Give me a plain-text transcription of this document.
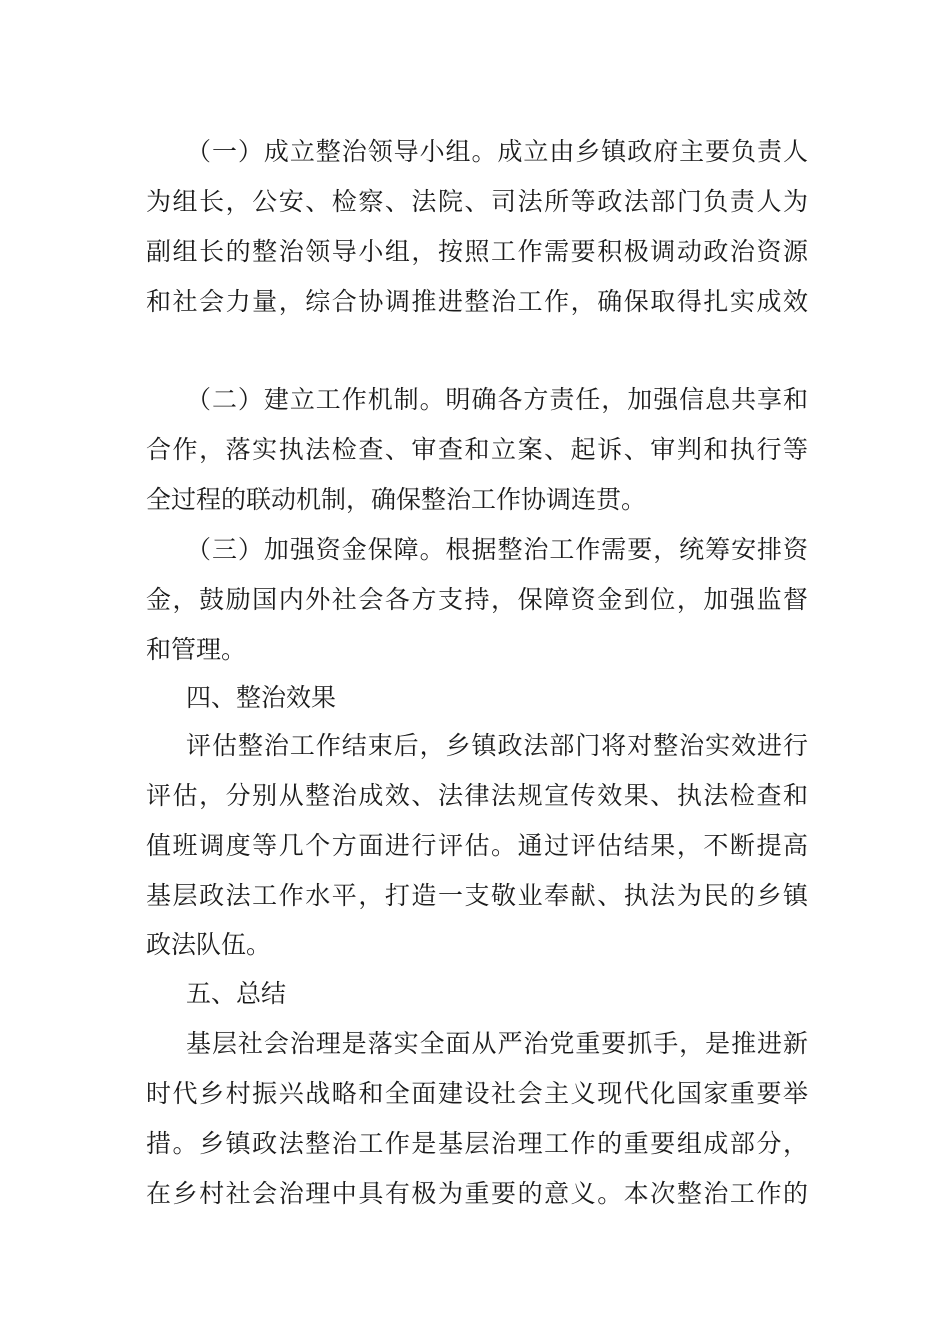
（一）成立整治领导小组。成立由乡镇政府主要负责人
为组长，公安、检察、法院、司法所等政法部门负责人为
副组长的整治领导小组，按照工作需要积极调动政治资源
和社会力量，综合协调推进整治工作，确保取得扎实成效
（二）建立工作机制。明确各方责任，加强信息共享和
合作，落实执法检查、审查和立案、起诉、审判和执行等
全过程的联动机制，确保整治工作协调连贯。
（三）加强资金保障。根据整治工作需要，统筹安排资
金，鼓励国内外社会各方支持，保障资金到位，加强监督
和管理。
四、整治效果
评估整治工作结束后，乡镇政法部门将对整治实效进行
评估，分别从整治成效、法律法规宣传效果、执法检查和
值班调度等几个方面进行评估。通过评估结果，不断提高
基层政法工作水平，打造一支敬业奉献、执法为民的乡镇
政法队伍。
五、总结
基层社会治理是落实全面从严治党重要抓手，是推进新
时代乡村振兴战略和全面建设社会主义现代化国家重要举
措。乡镇政法整治工作是基层治理工作的重要组成部分，
在乡村社会治理中具有极为重要的意义。本次整治工作的
